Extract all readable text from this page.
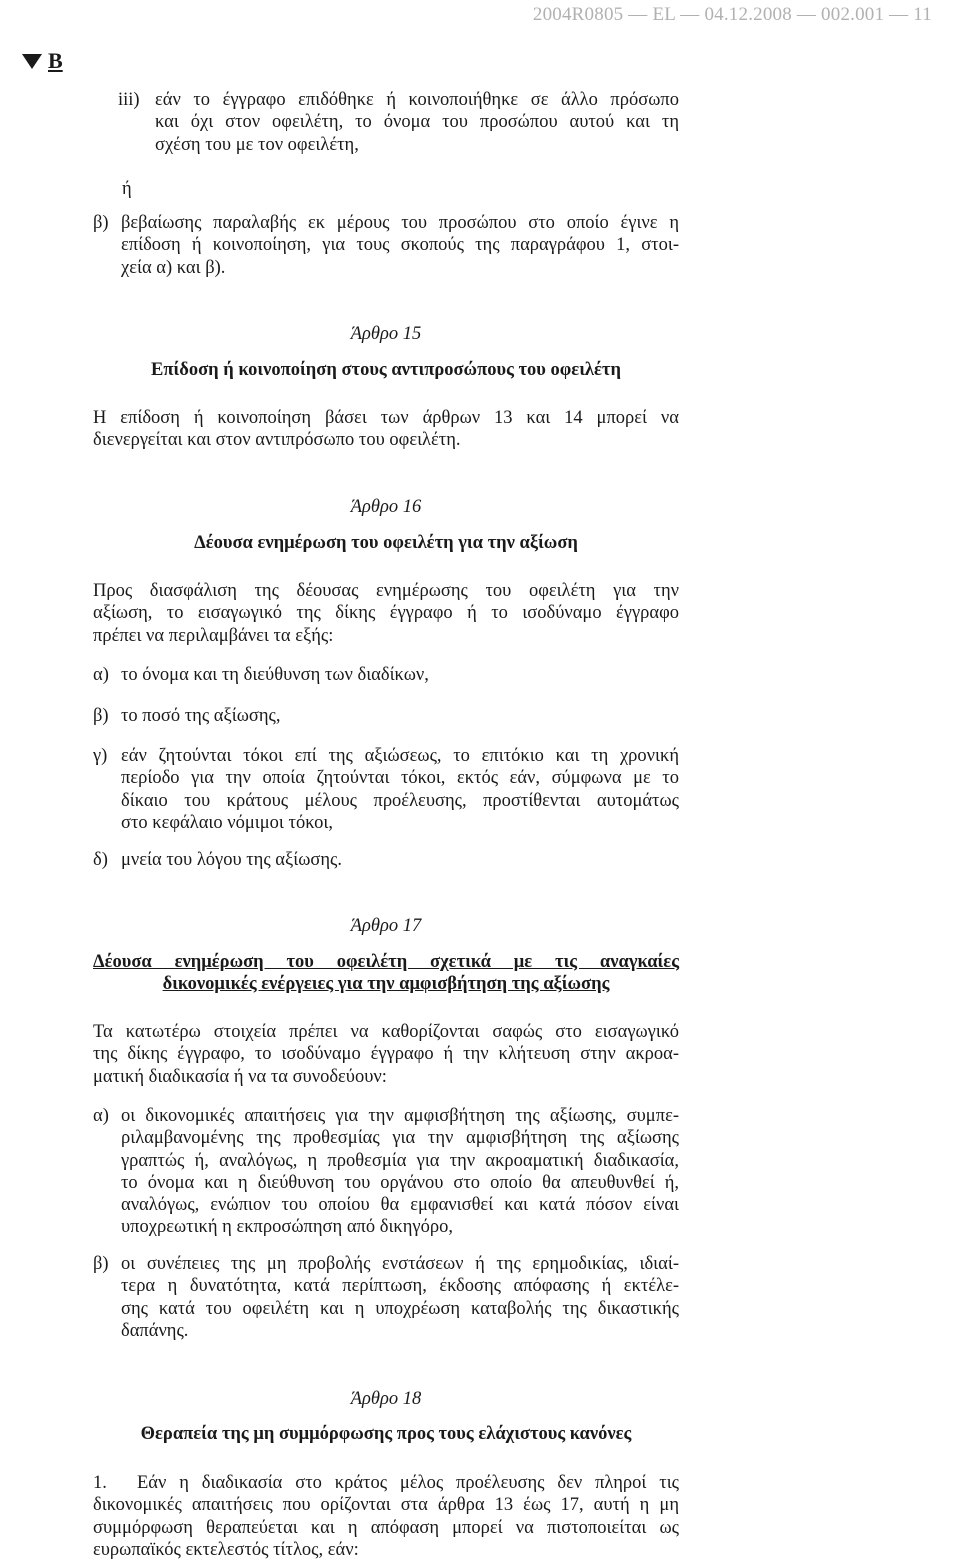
2004R0805 — EL — 04.12.2008 — 002.001 — 11
B
iii) εάν το έγγραφο επιδόθηκε ή κοινοποιήθηκε σε άλλο πρόσωπο
και όχι στον οφειλέτη, το όνομα του προσώπου αυτού και τη
σχέση του με τον οφειλέτη,
ή
β) βεβαίωσης παραλαβής εκ μέρους του προσώπου στο οποίο έγινε η
επίδοση ή κοινοποίηση, για τους σκοπούς της παραγράφου 1, στοι-
χεία α) και β).
Άρθρο 15
Επίδοση ή κοινοποίηση στους αντιπροσώπους του οφειλέτη
Η επίδοση ή κοινοποίηση βάσει των άρθρων 13 και 14 μπορεί να
διενεργείται και στον αντιπρόσωπο του οφειλέτη.
Άρθρο 16
Δέουσα ενημέρωση του οφειλέτη για την αξίωση
Προς διασφάλιση της δέουσας ενημέρωσης του οφειλέτη για την
αξίωση, το εισαγωγικό της δίκης έγγραφο ή το ισοδύναμο έγγραφο
πρέπει να περιλαμβάνει τα εξής:
α) το όνομα και τη διεύθυνση των διαδίκων,
β) το ποσό της αξίωσης,
γ) εάν ζητούνται τόκοι επί της αξιώσεως, το επιτόκιο και τη χρονική
περίοδο για την οποία ζητούνται τόκοι, εκτός εάν, σύμφωνα με το
δίκαιο του κράτους μέλους προέλευσης, προστίθενται αυτομάτως
στο κεφάλαιο νόμιμοι τόκοι,
δ) μνεία του λόγου της αξίωσης.
Άρθρο 17
Δέουσα ενημέρωση του οφειλέτη σχετικά με τις αναγκαίες
δικονομικές ενέργειες για την αμφισβήτηση της αξίωσης
Τα κατωτέρω στοιχεία πρέπει να καθορίζονται σαφώς στο εισαγωγικό
της δίκης έγγραφο, το ισοδύναμο έγγραφο ή την κλήτευση στην ακροα-
ματική διαδικασία ή να τα συνοδεύουν:
α) οι δικονομικές απαιτήσεις για την αμφισβήτηση της αξίωσης, συμπε-
ριλαμβανομένης της προθεσμίας για την αμφισβήτηση της αξίωσης
γραπτώς ή, αναλόγως, η προθεσμία για την ακροαματική διαδικασία,
το όνομα και η διεύθυνση του οργάνου στο οποίο θα απευθυνθεί ή,
αναλόγως, ενώπιον του οποίου θα εμφανισθεί και κατά πόσον είναι
υποχρεωτική η εκπροσώπηση από δικηγόρο,
β) οι συνέπειες της μη προβολής ενστάσεων ή της ερημοδικίας, ιδιαί-
τερα η δυνατότητα, κατά περίπτωση, έκδοσης απόφασης ή εκτέλε-
σης κατά του οφειλέτη και η υποχρέωση καταβολής της δικαστικής
δαπάνης.
Άρθρο 18
Θεραπεία της μη συμμόρφωσης προς τους ελάχιστους κανόνες
1.	Εάν η διαδικασία στο κράτος μέλος προέλευσης δεν πληροί τις
δικονομικές απαιτήσεις που ορίζονται στα άρθρα 13 έως 17, αυτή η μη
συμμόρφωση θεραπεύεται και η απόφαση μπορεί να πιστοποιείται ως
ευρωπαϊκός εκτελεστός τίτλος, εάν:
